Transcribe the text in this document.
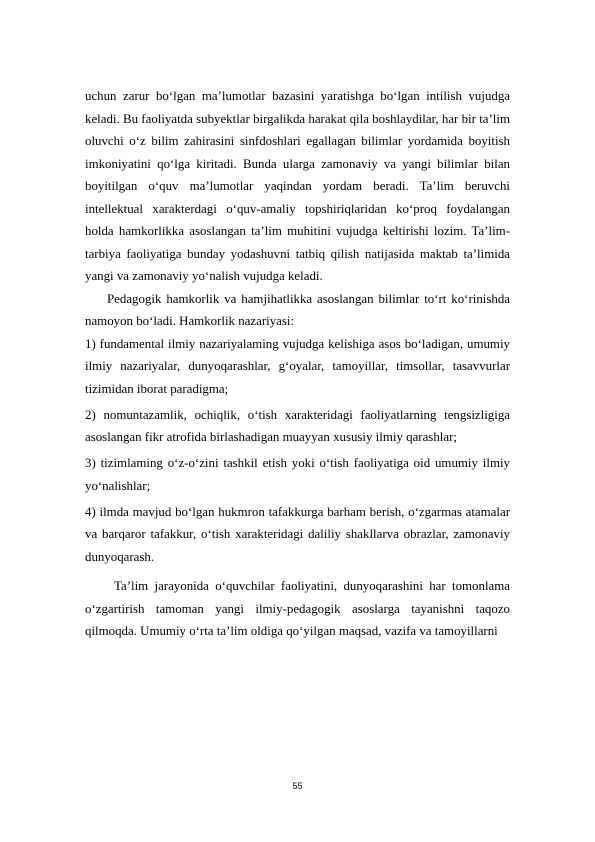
uchun zarur bo‘lgan ma’lumotlar bazasini yaratishga bo‘lgan intilish vujudga keladi. Bu faoliyatda subyektlar birgalikda harakat qila boshlaydilar, har bir ta’lim oluvchi o‘z bilim zahirasini sinfdoshlari egallagan bilimlar yordamida boyitish imkoniyatini qo‘lga kiritadi. Bunda ularga zamonaviy va yangi bilimlar bilan boyitilgan o‘quv ma’lumotlar yaqindan yordam beradi. Ta’lim beruvchi intellektual xarakterdagi o‘quv-amaliy topshiriqlaridan ko‘proq foydalangan holda hamkorlikka asoslangan ta’lim muhitini vujudga keltirishi lozim. Ta’lim-tarbiya faoliyatiga bunday yodashuvni tatbiq qilish natijasida maktab ta’limida yangi va zamonaviy yo‘nalish vujudga keladi.

Pedagogik hamkorlik va hamjihatlikka asoslangan bilimlar to‘rt ko‘rinishda namoyon bo‘ladi. Hamkorlik nazariyasi:

1) fundamental ilmiy nazariyalaming vujudga kelishiga asos bo‘ladigan, umumiy ilmiy nazariyalar, dunyoqarashlar, g‘oyalar, tamoyillar, timsollar, tasavvurlar tizimidan iborat paradigma;

2) nomuntazamlik, ochiqlik, o‘tish xarakteridagi faoliyatlarning tengsizligiga asoslangan fikr atrofida birlashadigan muayyan xususiy ilmiy qarashlar;

3) tizimlaming o‘z-o‘zini tashkil etish yoki o‘tish faoliyatiga oid umumiy ilmiy yo‘nalishlar;

4) ilmda mavjud bo‘lgan hukmron tafakkurga barham berish, o‘zgarmas atamalar va barqaror tafakkur, o‘tish xarakteridagi daliliy shakllarva obrazlar, zamonaviy dunyoqarash.

Ta’lim jarayonida o‘quvchilar faoliyatini, dunyoqarashini har tomonlama o‘zgartirish tamoman yangi ilmiy-pedagogik asoslarga tayanishni taqozo qilmoqda. Umumiy o‘rta ta’lim oldiga qo‘yilgan maqsad, vazifa va tamoyillarni

55
